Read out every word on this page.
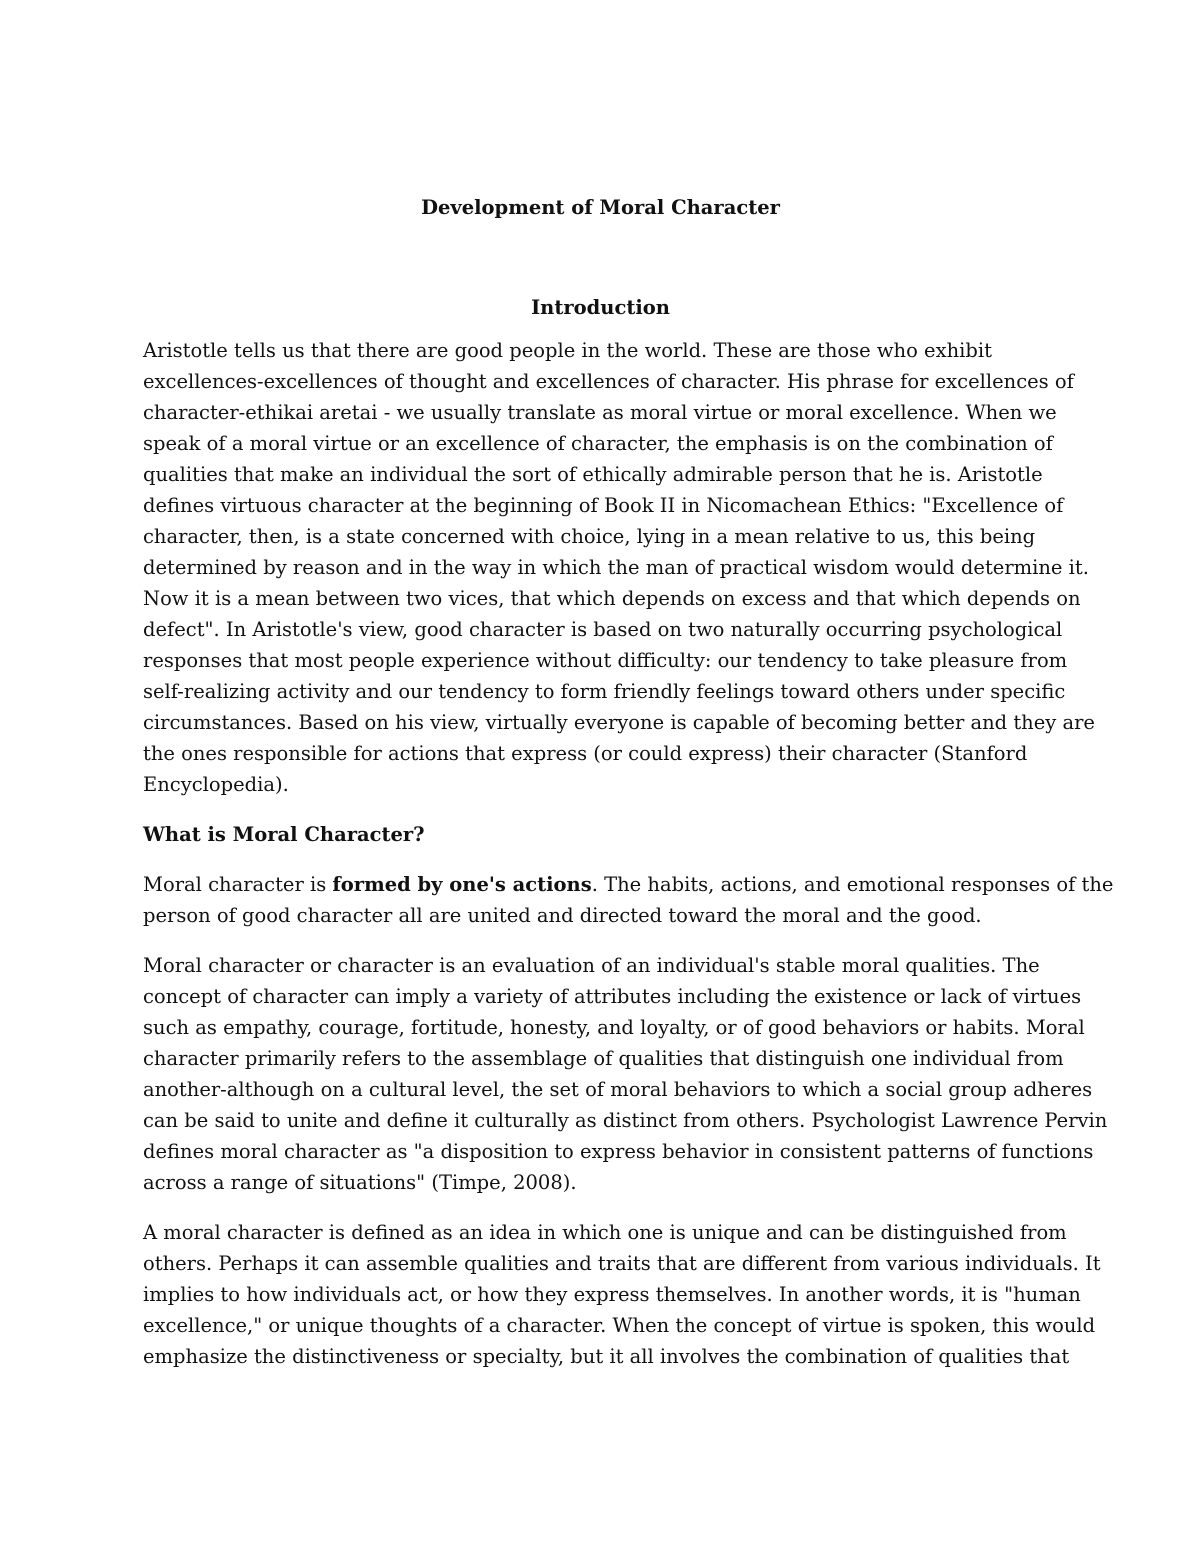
Development of Moral Character
Introduction

Aristotle tells us that there are good people in the world. These are those who exhibit
excellences-excellences of thought and excellences of character. His phrase for excellences of
character-ethikai aretai - we usually translate as moral virtue or moral excellence. When we
speak of a moral virtue or an excellence of character, the emphasis is on the combination of
qualities that make an individual the sort of ethically admirable person that he is. Aristotle
defines virtuous character at the beginning of Book II in Nicomachean Ethics: "Excellence of
character, then, is a state concerned with choice, lying in a mean relative to us, this being
determined by reason and in the way in which the man of practical wisdom would determine it.
Now it is a mean between two vices, that which depends on excess and that which depends on
defect". In Aristotle's view, good character is based on two naturally occurring psychological
responses that most people experience without difficulty: our tendency to take pleasure from
self-realizing activity and our tendency to form friendly feelings toward others under specific
circumstances. Based on his view, virtually everyone is capable of becoming better and they are
the ones responsible for actions that express (or could express) their character (Stanford
Encyclopedia).

What is Moral Character?

Moral character is formed by one's actions. The habits, actions, and emotional responses of the
person of good character all are united and directed toward the moral and the good.

Moral character or character is an evaluation of an individual's stable moral qualities. The
concept of character can imply a variety of attributes including the existence or lack of virtues
such as empathy, courage, fortitude, honesty, and loyalty, or of good behaviors or habits. Moral
character primarily refers to the assemblage of qualities that distinguish one individual from
another-although on a cultural level, the set of moral behaviors to which a social group adheres
can be said to unite and define it culturally as distinct from others. Psychologist Lawrence Pervin
defines moral character as "a disposition to express behavior in consistent patterns of functions
across a range of situations" (Timpe, 2008).

A moral character is defined as an idea in which one is unique and can be distinguished from
others. Perhaps it can assemble qualities and traits that are different from various individuals. It
implies to how individuals act, or how they express themselves. In another words, it is "human
excellence," or unique thoughts of a character. When the concept of virtue is spoken, this would
emphasize the distinctiveness or specialty, but it all involves the combination of qualities that
